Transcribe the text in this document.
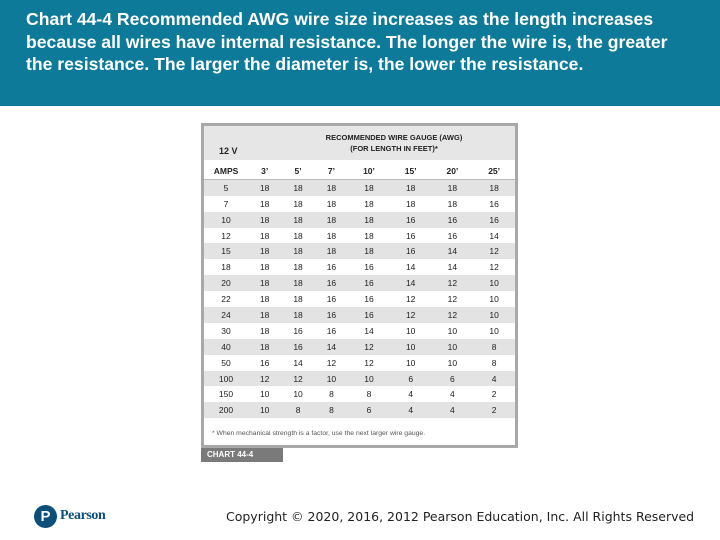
Chart 44-4 Recommended AWG wire size increases as the length increases because all wires have internal resistance. The longer the wire is, the greater the resistance. The larger the diameter is, the lower the resistance.

12 V
RECOMMENDED WIRE GAUGE (AWG)
(FOR LENGTH IN FEET)*
AMPS	3’	5’	7’	10’	15’	20’	25’
5	18	18	18	18	18	18	18
7	18	18	18	18	18	18	16
10	18	18	18	18	16	16	16
12	18	18	18	18	16	16	14
15	18	18	18	18	16	14	12
18	18	18	16	16	14	14	12
20	18	18	16	16	14	12	10
22	18	18	16	16	12	12	10
24	18	18	16	16	12	12	10
30	18	16	16	14	10	10	10
40	18	16	14	12	10	10	8
50	16	14	12	12	10	10	8
100	12	12	10	10	6	6	4
150	10	10	8	8	4	4	2
200	10	8	8	6	4	4	2
* When mechanical strength is a factor, use the next larger wire gauge.
CHART 44-4
P Pearson	Copyright © 2020, 2016, 2012 Pearson Education, Inc. All Rights Reserved
